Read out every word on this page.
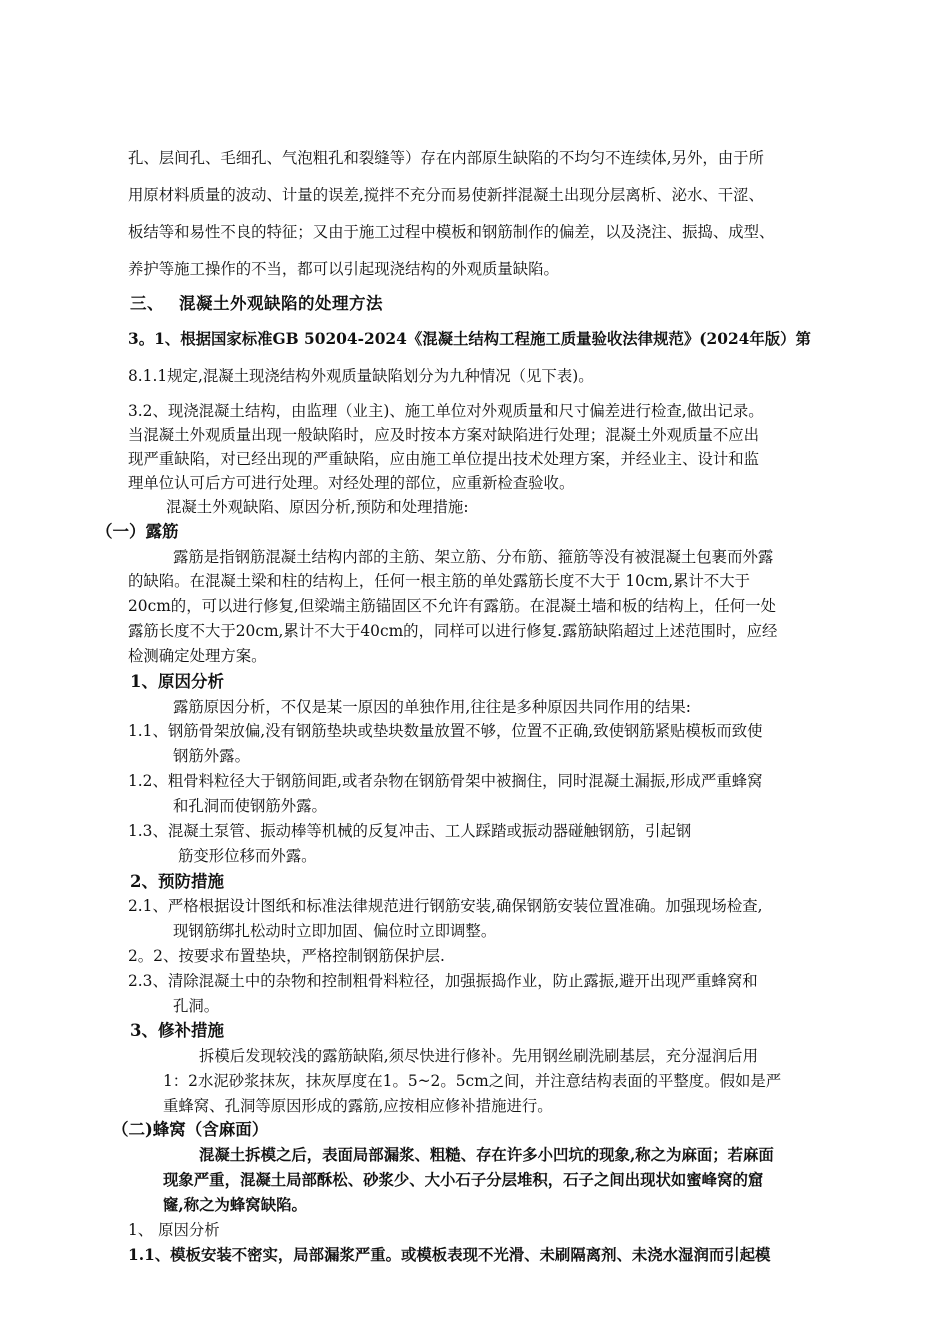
孔、层间孔、毛细孔、气泡粗孔和裂缝等）存在内部原生缺陷的不均匀不连续体,另外，由于所
用原材料质量的波动、计量的误差,搅拌不充分而易使新拌混凝土出现分层离析、泌水、干涩、
板结等和易性不良的特征；又由于施工过程中模板和钢筋制作的偏差，以及浇注、振捣、成型、
养护等施工操作的不当，都可以引起现浇结构的外观质量缺陷。
三、　 混凝土外观缺陷的处理方法
3。1、根据国家标准GB 50204-2024《混凝土结构工程施工质量验收法律规范》(2024年版）第
8.1.1规定,混凝土现浇结构外观质量缺陷划分为九种情况（见下表)。
3.2、现浇混凝土结构，由监理（业主)、施工单位对外观质量和尺寸偏差进行检查,做出记录。
当混凝土外观质量出现一般缺陷时，应及时按本方案对缺陷进行处理；混凝土外观质量不应出
现严重缺陷，对已经出现的严重缺陷，应由施工单位提出技术处理方案，并经业主、设计和监
理单位认可后方可进行处理。对经处理的部位，应重新检查验收。
混凝土外观缺陷、原因分析,预防和处理措施:
（一）露筋
露筋是指钢筋混凝土结构内部的主筋、架立筋、分布筋、箍筋等没有被混凝土包裹而外露
的缺陷。在混凝土梁和柱的结构上，任何一根主筋的单处露筋长度不大于 10cm,累计不大于
20cm的，可以进行修复,但梁端主筋锚固区不允许有露筋。在混凝土墙和板的结构上，任何一处
露筋长度不大于20cm,累计不大于40cm的，同样可以进行修复.露筋缺陷超过上述范围时，应经
检测确定处理方案。
1、原因分析
露筋原因分析，不仅是某一原因的单独作用,往往是多种原因共同作用的结果:
1.1、钢筋骨架放偏,没有钢筋垫块或垫块数量放置不够，位置不正确,致使钢筋紧贴模板而致使
钢筋外露。
1.2、粗骨料粒径大于钢筋间距,或者杂物在钢筋骨架中被搁住，同时混凝土漏振,形成严重蜂窝
和孔洞而使钢筋外露。
1.3、混凝土泵管、振动棒等机械的反复冲击、工人踩踏或振动器碰触钢筋，引起钢
筋变形位移而外露。
2、预防措施
2.1、严格根据设计图纸和标准法律规范进行钢筋安装,确保钢筋安装位置准确。加强现场检查,
现钢筋绑扎松动时立即加固、偏位时立即调整。
2。2、按要求布置垫块，严格控制钢筋保护层.
2.3、清除混凝土中的杂物和控制粗骨料粒径，加强振捣作业，防止露振,避开出现严重蜂窝和
孔洞。
3、修补措施
拆模后发现较浅的露筋缺陷,须尽快进行修补。先用钢丝刷洗刷基层，充分湿润后用
1：2水泥砂浆抹灰，抹灰厚度在1。5~2。5cm之间，并注意结构表面的平整度。假如是严
重蜂窝、孔洞等原因形成的露筋,应按相应修补措施进行。
（二)蜂窝（含麻面）
混凝土拆模之后，表面局部漏浆、粗糙、存在许多小凹坑的现象,称之为麻面；若麻面
现象严重，混凝土局部酥松、砂浆少、大小石子分层堆积，石子之间出现状如蜜峰窝的窟
窿,称之为蜂窝缺陷。
1、 原因分析
1.1、模板安装不密实，局部漏浆严重。或模板表现不光滑、未刷隔离剂、未浇水湿润而引起模
